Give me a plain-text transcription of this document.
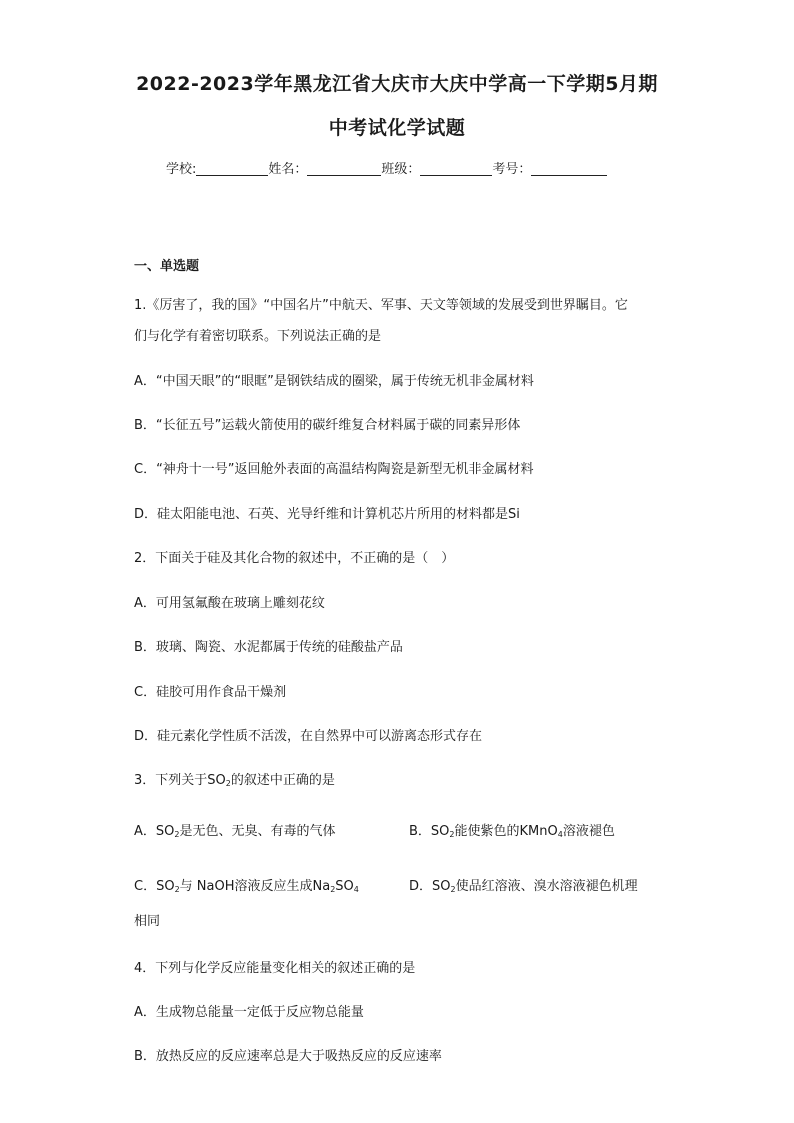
2022-2023学年黑龙江省大庆市大庆中学高一下学期5月期
中考试化学试题
学校:	姓名：	班级：	考号：
一、单选题
1.《厉害了，我的国》“中国名片”中航天、军事、天文等领域的发展受到世界瞩目。它
们与化学有着密切联系。下列说法正确的是
A．“中国天眼”的“眼眶”是钢铁结成的圈梁，属于传统无机非金属材料
B．“长征五号”运载火箭使用的碳纤维复合材料属于碳的同素异形体
C．“神舟十一号”返回舱外表面的高温结构陶瓷是新型无机非金属材料
D．硅太阳能电池、石英、光导纤维和计算机芯片所用的材料都是Si
2．下面关于硅及其化合物的叙述中，不正确的是（　）
A．可用氢氟酸在玻璃上雕刻花纹
B．玻璃、陶瓷、水泥都属于传统的硅酸盐产品
C．硅胶可用作食品干燥剂
D．硅元素化学性质不活泼，在自然界中可以游离态形式存在
3．下列关于$SO_2$的叙述中正确的是
A．$SO_2$是无色、无臭、有毒的气体	B．$SO_2$能使紫色的KMnO$_4$溶液褪色
C．$SO_2$与 NaOH溶液反应生成$Na_2SO_4$	D．$SO_2$使品红溶液、溴水溶液褪色机理
相同
4．下列与化学反应能量变化相关的叙述正确的是
A．生成物总能量一定低于反应物总能量
B．放热反应的反应速率总是大于吸热反应的反应速率
